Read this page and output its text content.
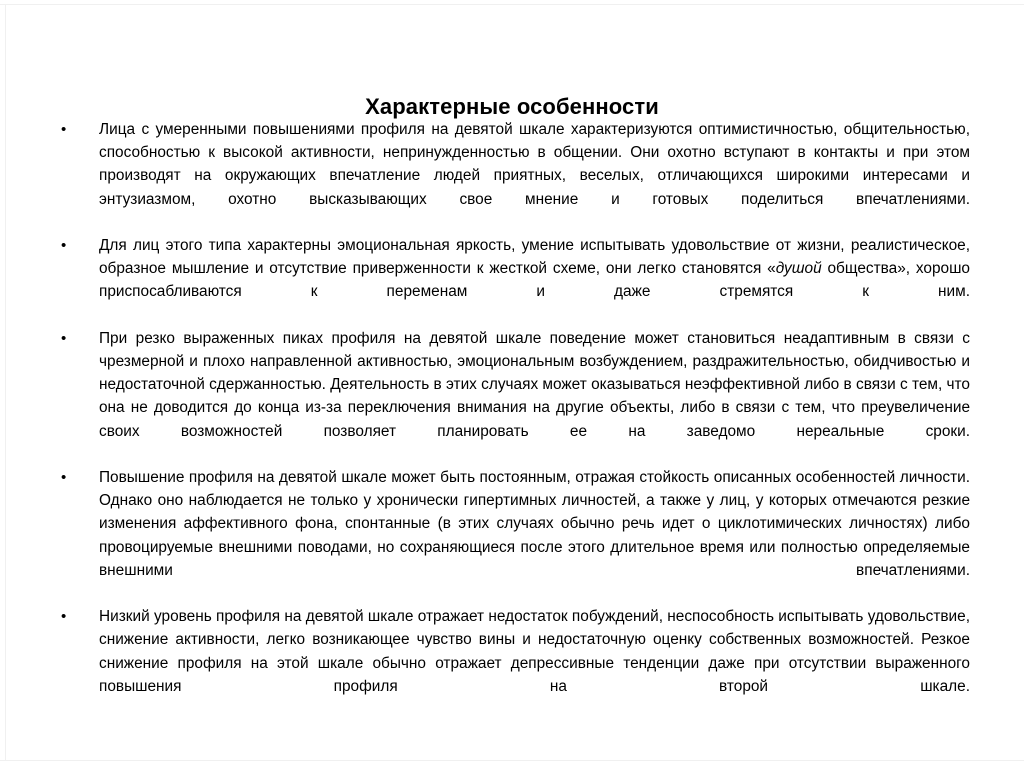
Характерные особенности
•	Лица с умеренными повышениями профиля на девятой шкале характеризуются оптимистичностью, общительностью, способностью к высокой активности, непринужденностью в общении. Они охотно вступают в контакты и при этом производят на окружающих впечатление людей приятных, веселых, отличающихся широкими интересами и энтузиазмом, охотно высказывающих свое мнение и готовых поделиться впечатлениями.
•	Для лиц этого типа характерны эмоциональная яркость, умение испытывать удовольствие от жизни, реалистическое, образное мышление и отсутствие приверженности к жесткой схеме, они легко становятся «душой общества», хорошо приспосабливаются к переменам и даже стремятся к ним.
•	При резко выраженных пиках профиля на девятой шкале поведение может становиться неадаптивным в связи с чрезмерной и плохо направленной активностью, эмоциональным возбуждением, раздражительностью, обидчивостью и недостаточной сдержанностью. Деятельность в этих случаях может оказываться неэффективной либо в связи с тем, что она не доводится до конца из-за переключения внимания на другие объекты, либо в связи с тем, что преувеличение своих возможностей позволяет планировать ее на заведомо нереальные сроки.
•	Повышение профиля на девятой шкале может быть постоянным, отражая стойкость описанных особенностей личности. Однако оно наблюдается не только у хронически гипертимных личностей, а также у лиц, у которых отмечаются резкие изменения аффективного фона, спонтанные (в этих случаях обычно речь идет о циклотимических личностях) либо провоцируемые внешними поводами, но сохраняющиеся после этого длительное время или полностью определяемые внешними впечатлениями.
•	Низкий уровень профиля на девятой шкале отражает недостаток побуждений, неспособность испытывать удовольствие, снижение активности, легко возникающее чувство вины и недостаточную оценку собственных возможностей. Резкое снижение профиля на этой шкале обычно отражает депрессивные тенденции даже при отсутствии выраженного повышения профиля на второй шкале.
